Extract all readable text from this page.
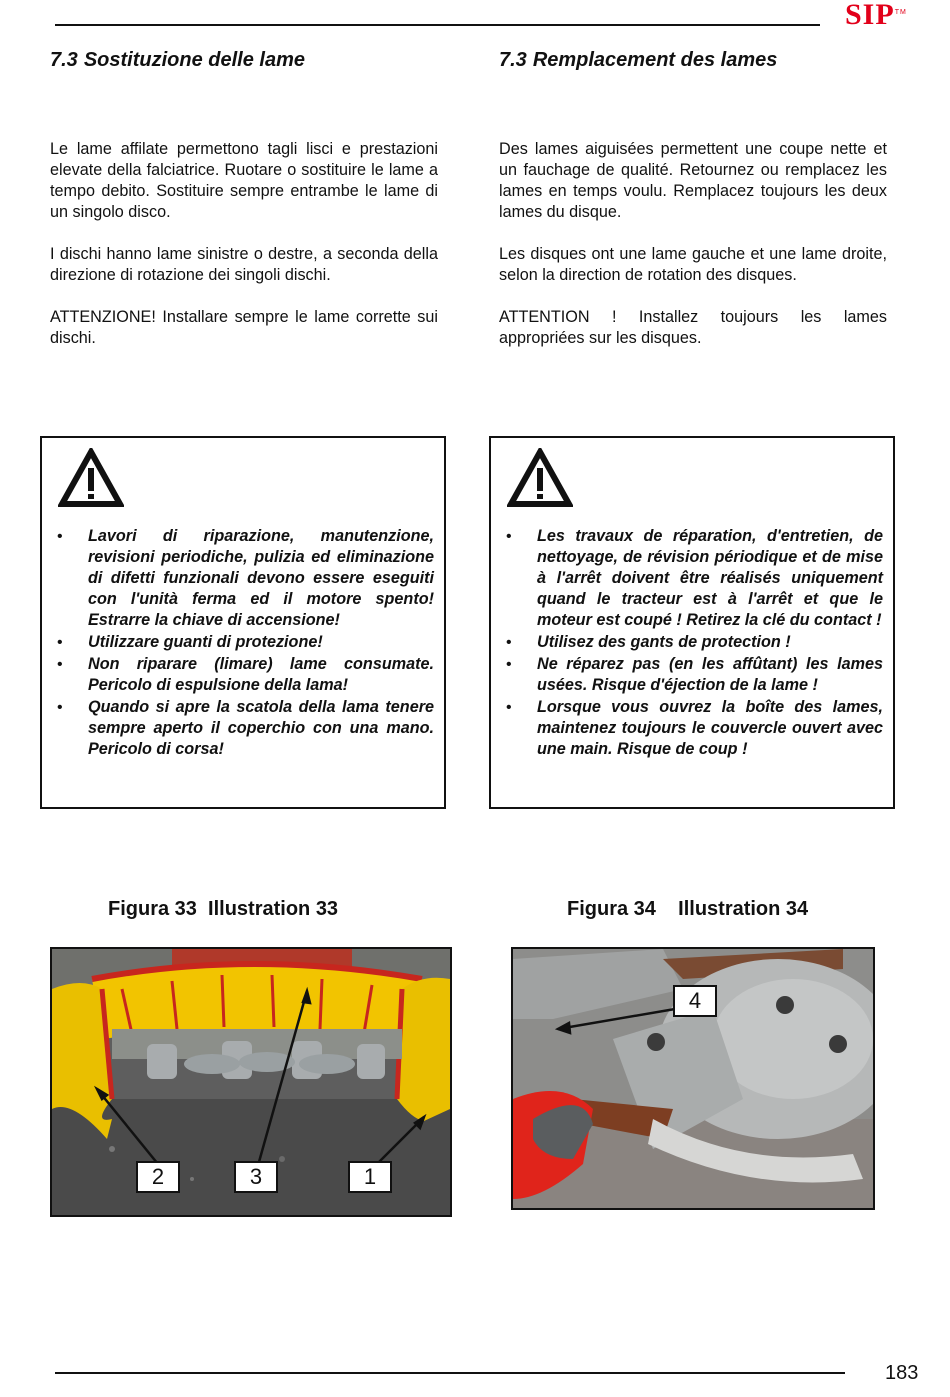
SIP™
7.3 Sostituzione delle lame	7.3 Remplacement des lames

Le lame affilate permettono tagli lisci e prestazioni elevate della falciatrice. Ruotare o sostituire le lame a tempo debito. Sostituire sempre entrambe le lame di un singolo disco.

I dischi hanno lame sinistre o destre, a seconda della direzione di rotazione dei singoli dischi.

ATTENZIONE! Installare sempre le lame corrette sui dischi.

Des lames aiguisées permettent une coupe nette et un fauchage de qualité. Retournez ou remplacez les lames en temps voulu. Remplacez toujours les deux lames du disque.

Les disques ont une lame gauche et une lame droite, selon la direction de rotation des disques.

ATTENTION ! Installez toujours les lames appropriées sur les disques.

• Lavori di riparazione, manutenzione, revisioni periodiche, pulizia ed eliminazione di difetti funzionali devono essere eseguiti con l'unità ferma ed il motore spento! Estrarre la chiave di accensione!
• Utilizzare guanti di protezione!
• Non riparare (limare) lame consumate. Pericolo di espulsione della lama!
• Quando si apre la scatola della lama tenere sempre aperto il coperchio con una mano. Pericolo di corsa!
• Les travaux de réparation, d'entretien, de nettoyage, de révision périodique et de mise à l'arrêt doivent être réalisés uniquement quand le tracteur est à l'arrêt et que le moteur est coupé ! Retirez la clé du contact !
• Utilisez des gants de protection !
• Ne réparez pas (en les affûtant) les lames usées. Risque d'éjection de la lame !
• Lorsque vous ouvrez la boîte des lames, maintenez toujours le couvercle ouvert avec une main. Risque de coup !
Figura 33  Illustration 33	Figura 34    Illustration 34
2	3	1
4
183
